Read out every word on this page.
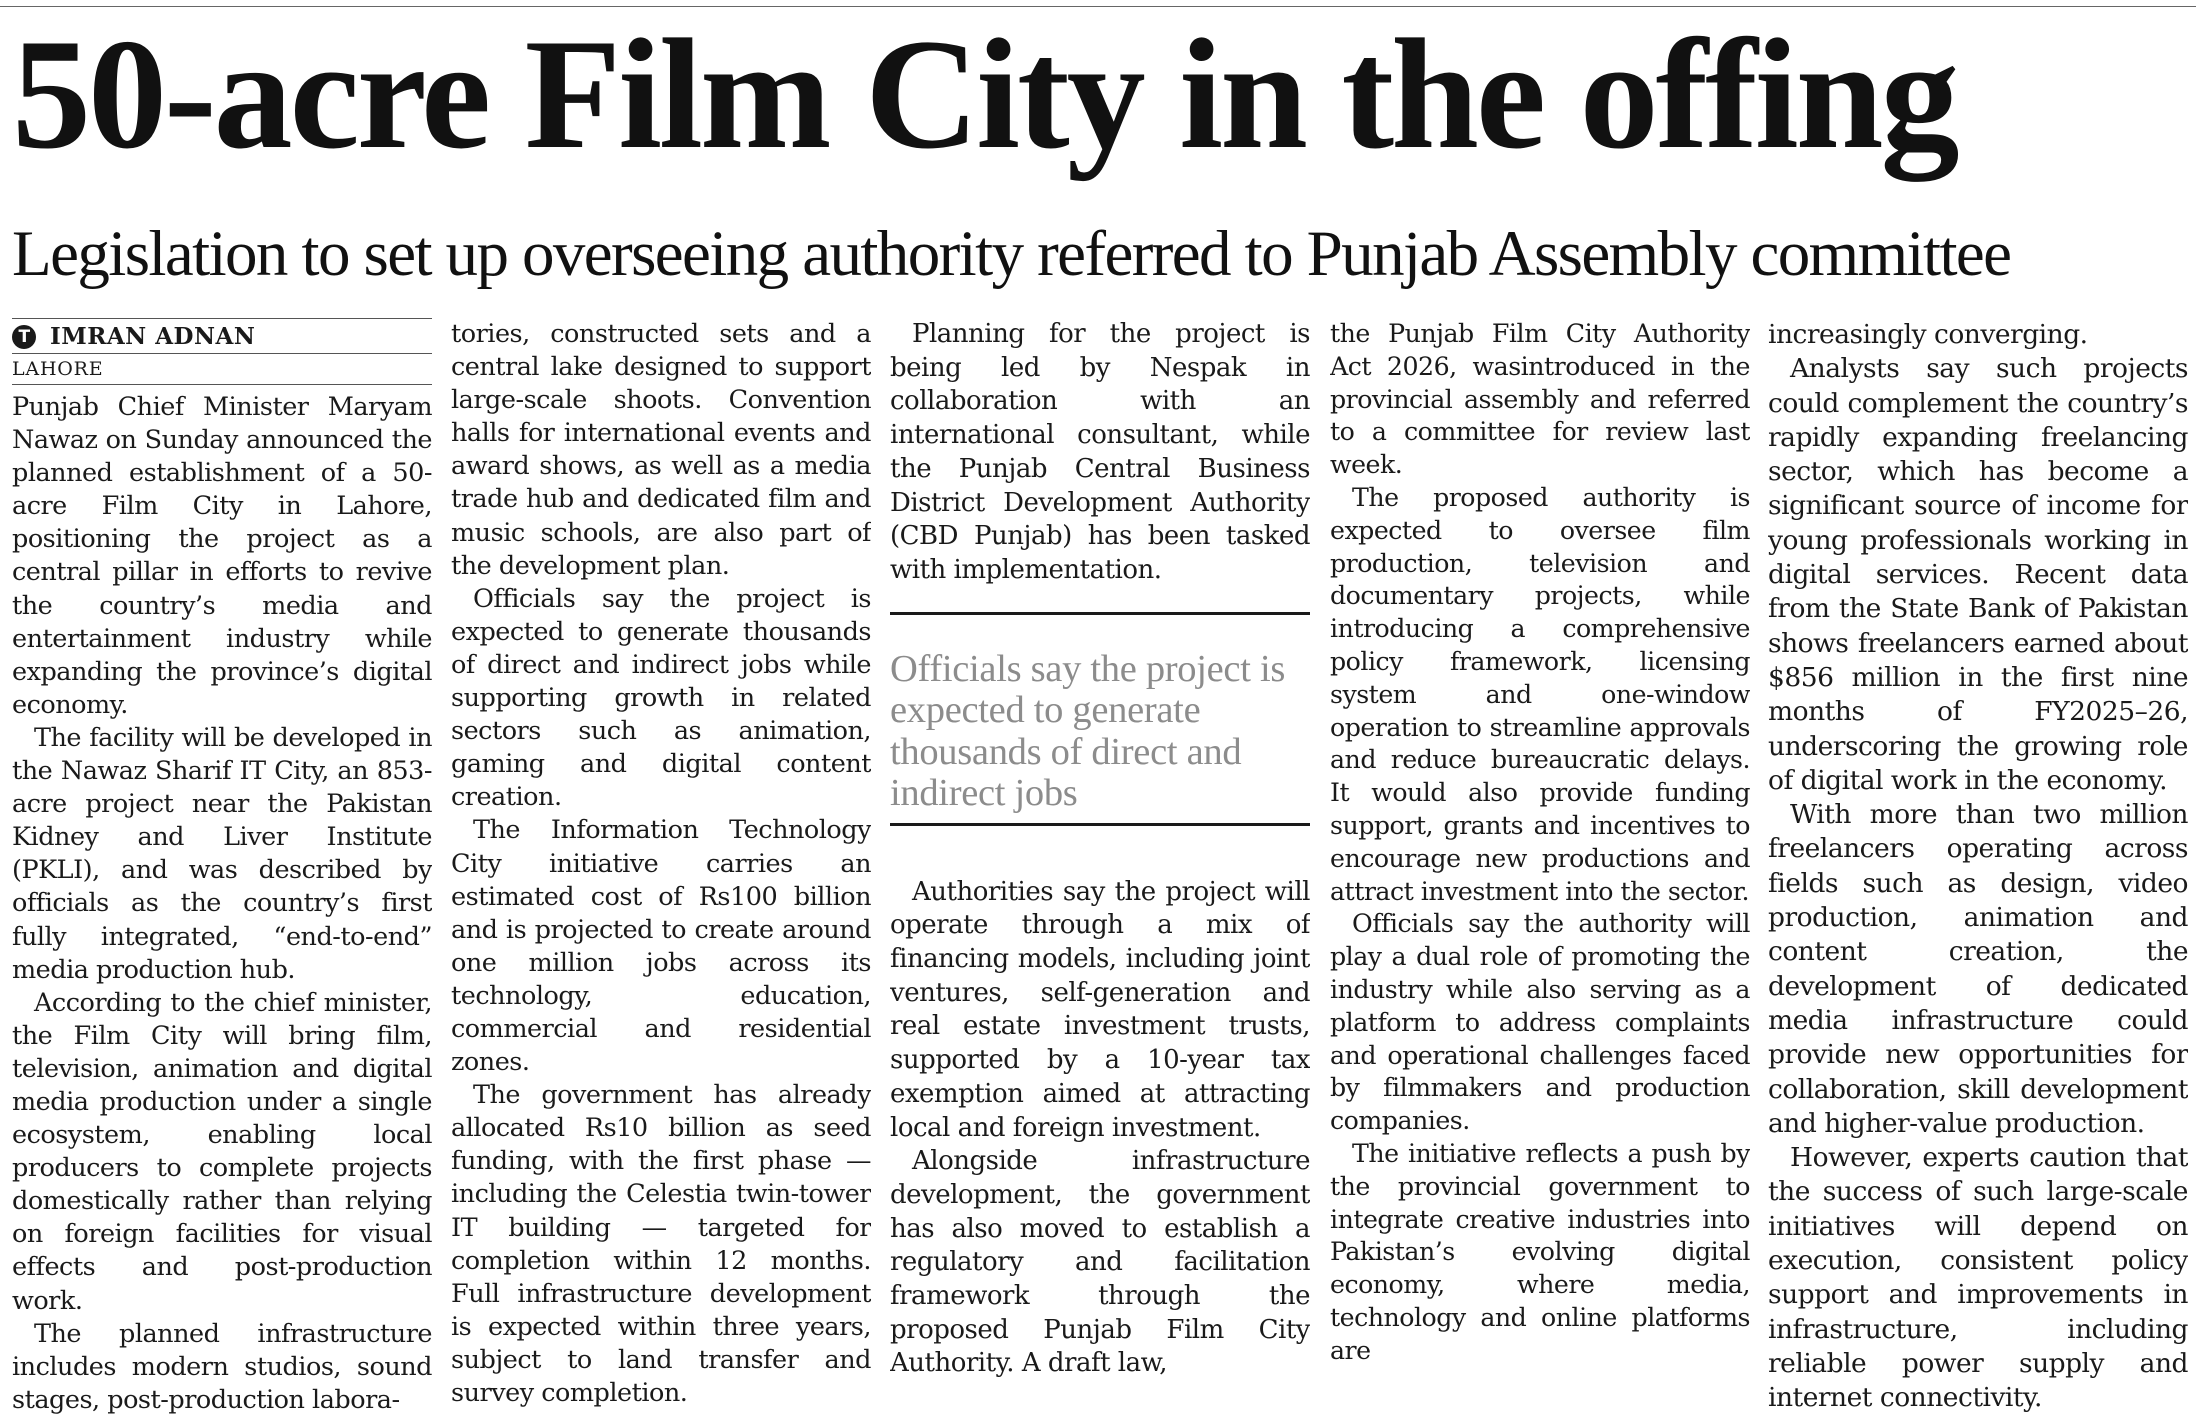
50-acre Film City in the offing
Legislation to set up overseeing authority referred to Punjab Assembly committee
T IMRAN ADNAN
LAHORE

Punjab Chief Minister Maryam Nawaz on Sunday announced the planned establishment of a 50-acre Film City in Lahore, positioning the project as a central pillar in efforts to revive the country’s media and entertainment industry while expanding the province’s digital economy.

The facility will be developed in the Nawaz Sharif IT City, an 853-acre project near the Pakistan Kidney and Liver Institute (PKLI), and was described by officials as the country’s first fully integrated, “end-to-end” media production hub.

According to the chief minister, the Film City will bring film, television, animation and digital media production under a single ecosystem, enabling local producers to complete projects domestically rather than relying on foreign facilities for visual effects and post-production work.

The planned infrastructure includes modern studios, sound stages, post-production labora-

tories, constructed sets and a central lake designed to support large-scale shoots. Convention halls for international events and award shows, as well as a media trade hub and dedicated film and music schools, are also part of the development plan.

Officials say the project is expected to generate thousands of direct and indirect jobs while supporting growth in related sectors such as animation, gaming and digital content creation.

The Information Technology City initiative carries an estimated cost of Rs100 billion and is projected to create around one million jobs across its technology, education, commercial and residential zones.

The government has already allocated Rs10 billion as seed funding, with the first phase — including the Celestia twin-tower IT building — targeted for completion within 12 months. Full infrastructure development is expected within three years, subject to land transfer and survey completion.

Planning for the project is being led by Nespak in collaboration with an international consultant, while the Punjab Central Business District Development Authority (CBD Punjab) has been tasked with implementation.

Officials say the project is expected to generate thousands of direct and indirect jobs

Authorities say the project will operate through a mix of financing models, including joint ventures, self-generation and real estate investment trusts, supported by a 10-year tax exemption aimed at attracting local and foreign investment.

Alongside infrastructure development, the government has also moved to establish a regulatory and facilitation framework through the proposed Punjab Film City Authority. A draft law,

the Punjab Film City Authority Act 2026, wasintroduced in the provincial assembly and referred to a committee for review last week.

The proposed authority is expected to oversee film production, television and documentary projects, while introducing a comprehensive policy framework, licensing system and one-window operation to streamline approvals and reduce bureaucratic delays. It would also provide funding support, grants and incentives to encourage new productions and attract investment into the sector.

Officials say the authority will play a dual role of promoting the industry while also serving as a platform to address complaints and operational challenges faced by filmmakers and production companies.

The initiative reflects a push by the provincial government to integrate creative industries into Pakistan’s evolving digital economy, where media, technology and online platforms are

increasingly converging.

Analysts say such projects could complement the country’s rapidly expanding freelancing sector, which has become a significant source of income for young professionals working in digital services. Recent data from the State Bank of Pakistan shows freelancers earned about $856 million in the first nine months of FY2025–26, underscoring the growing role of digital work in the economy.

With more than two million freelancers operating across fields such as design, video production, animation and content creation, the development of dedicated media infrastructure could provide new opportunities for collaboration, skill development and higher-value production.

However, experts caution that the success of such large-scale initiatives will depend on execution, consistent policy support and improvements in infrastructure, including reliable power supply and internet connectivity.
